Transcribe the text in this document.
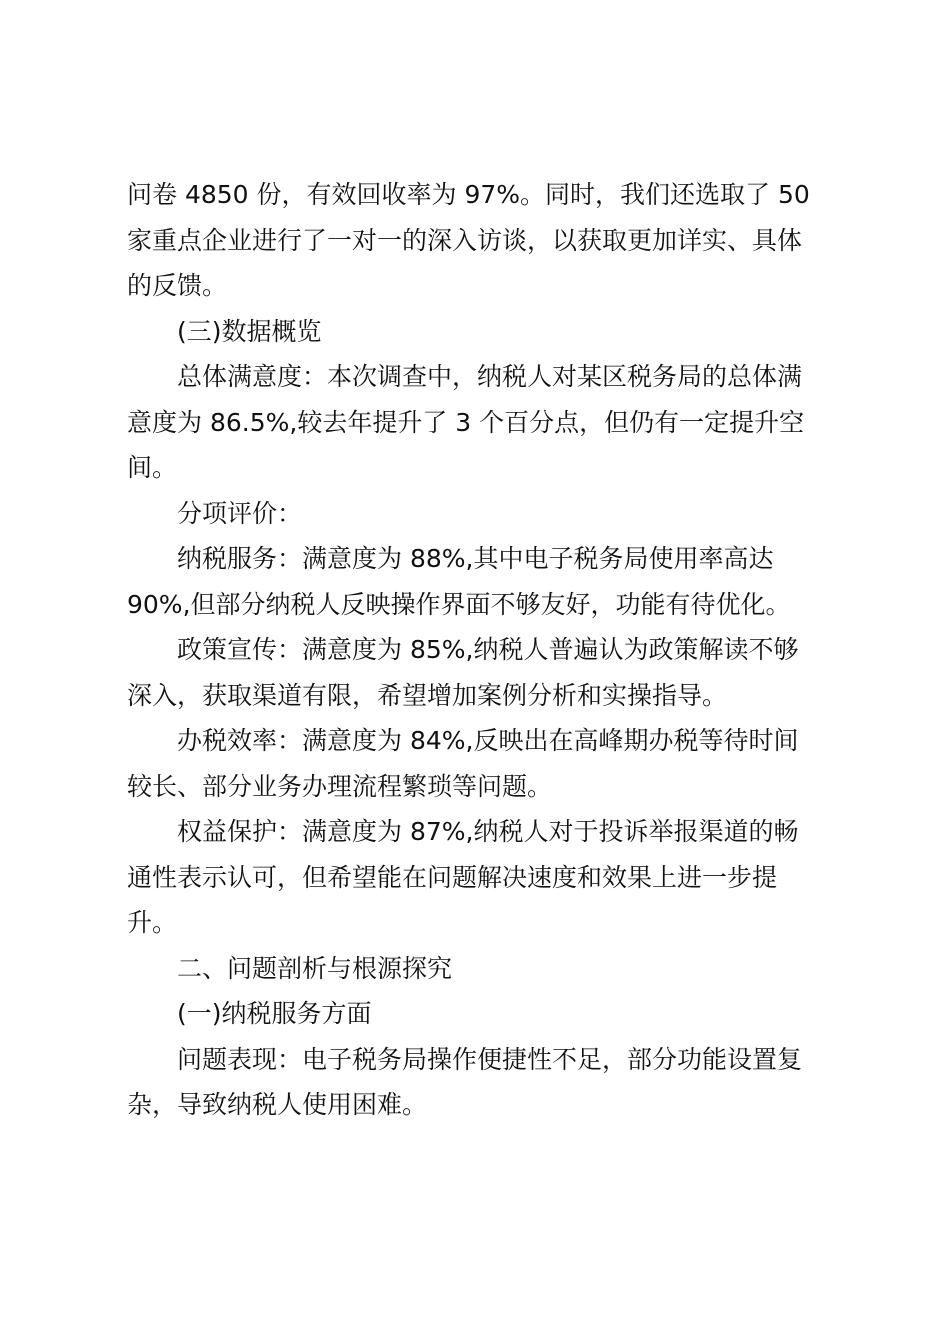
问卷 4850 份，有效回收率为 97%。同时，我们还选取了 50
家重点企业进行了一对一的深入访谈，以获取更加详实、具体
的反馈。
(三)数据概览
总体满意度：本次调查中，纳税人对某区税务局的总体满
意度为 86.5%,较去年提升了 3 个百分点，但仍有一定提升空
间。
分项评价：
纳税服务：满意度为 88%,其中电子税务局使用率高达
90%,但部分纳税人反映操作界面不够友好，功能有待优化。
政策宣传：满意度为 85%,纳税人普遍认为政策解读不够
深入，获取渠道有限，希望增加案例分析和实操指导。
办税效率：满意度为 84%,反映出在高峰期办税等待时间
较长、部分业务办理流程繁琐等问题。
权益保护：满意度为 87%,纳税人对于投诉举报渠道的畅
通性表示认可，但希望能在问题解决速度和效果上进一步提
升。
二、问题剖析与根源探究
(一)纳税服务方面
问题表现：电子税务局操作便捷性不足，部分功能设置复
杂，导致纳税人使用困难。
